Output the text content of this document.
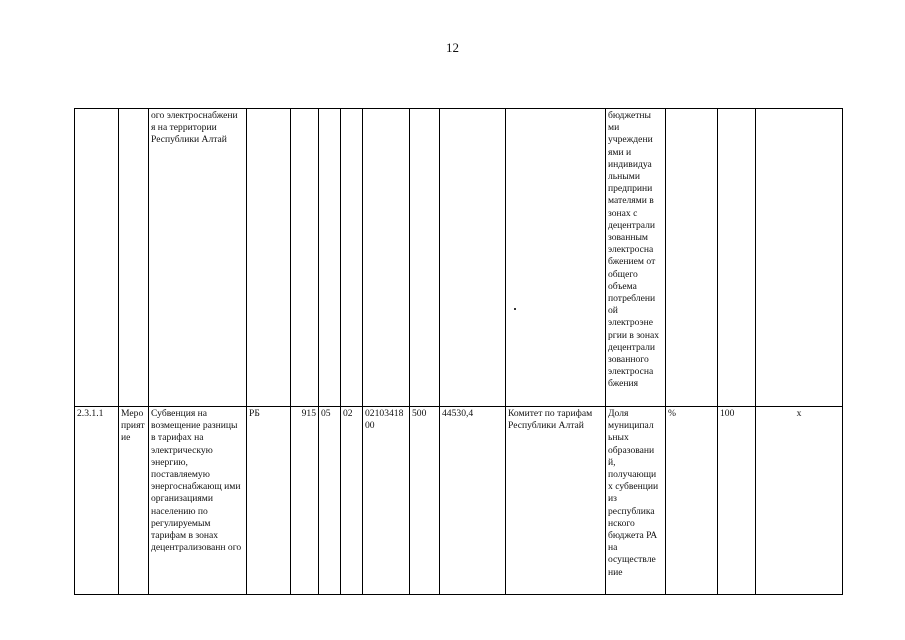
12
		ого электроснабжени я на территории Республики Алтай									бюджетны ми учреждени ями и индивидуа льными предприни мателями в зонах с децентрали зованным электросна бжением от общего объема потреблени ой электроэне ргии в зонах децентрали зованного электросна бжения			
2.3.1.1	Мероприятие	Субвенция на возмещение разницы в тарифах на электрическую энергию, поставляемую энергоснабжающ ими организациями населению по регулируемым тарифам в зонах децентрализованн ого	РБ	915	05	02	0210341800	500	44530,4	Комитет по тарифам Республики Алтай	Доля муниципал ьных образовани й, получающи х субвенции из республика нского бюджета РА на осуществле ние	%	100	х
